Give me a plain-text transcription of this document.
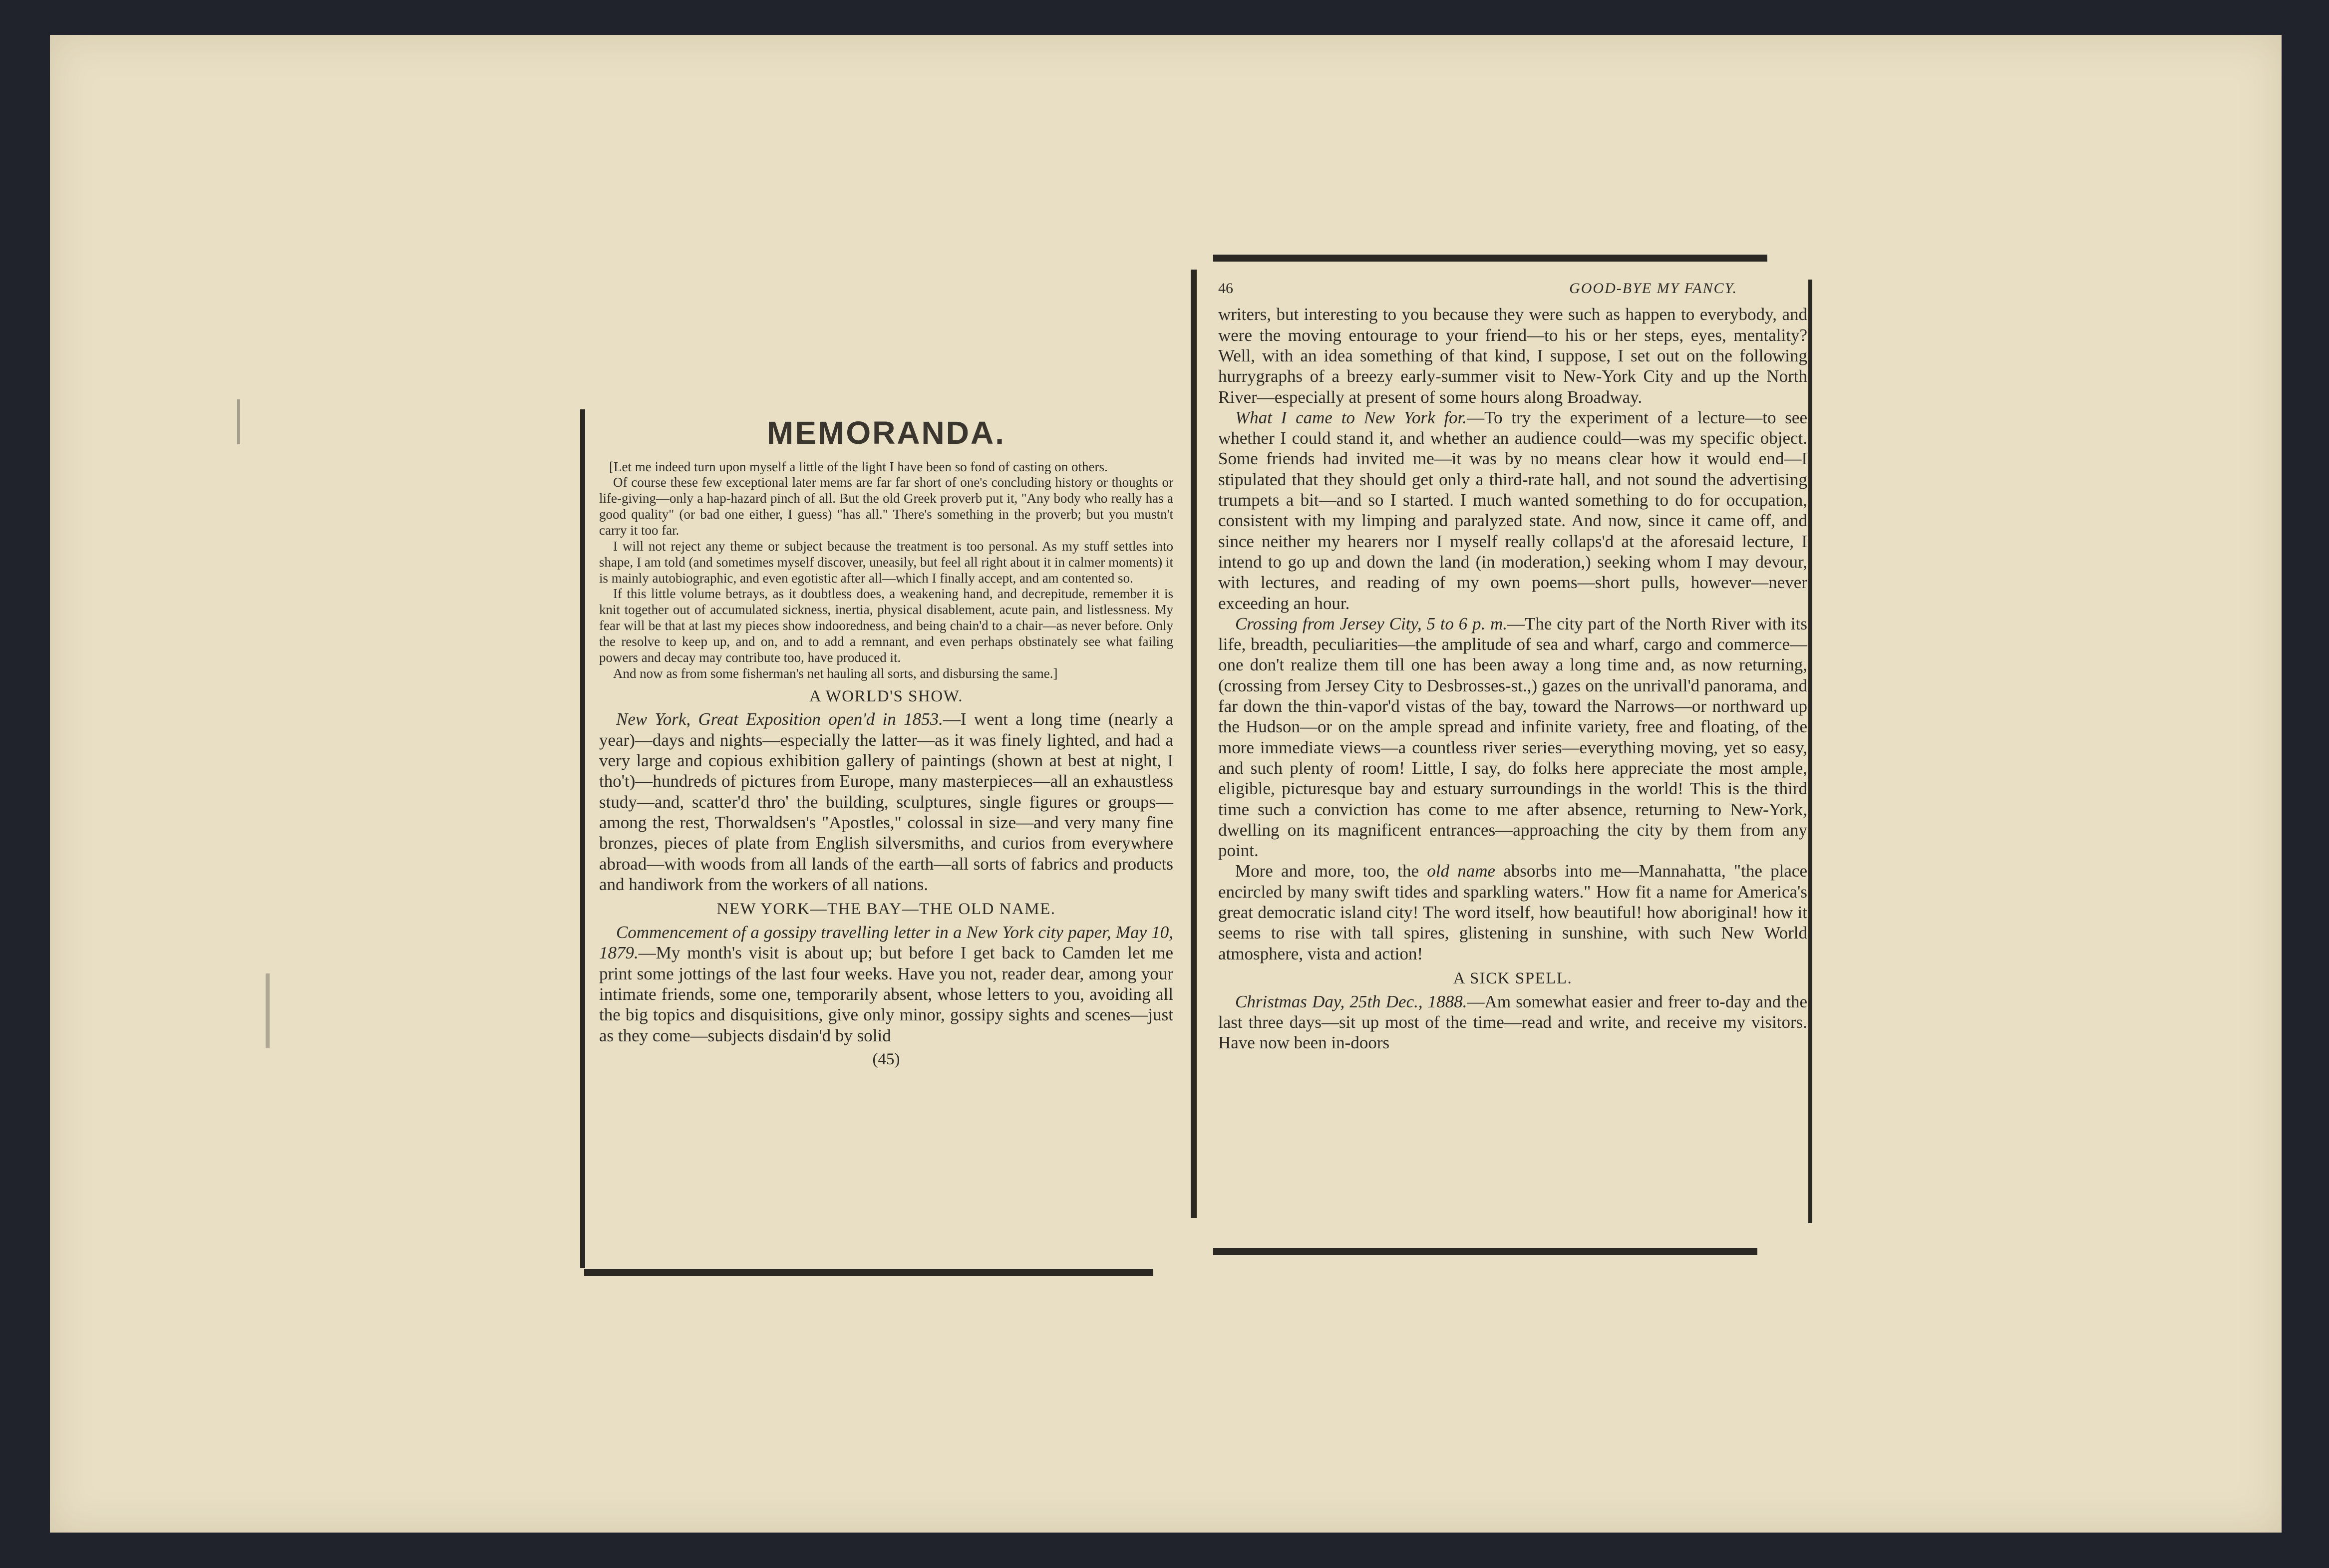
MEMORANDA.

[Let me indeed turn upon myself a little of the light I have been so fond of casting on others.

Of course these few exceptional later mems are far far short of one's concluding history or thoughts or life-giving—only a hap-hazard pinch of all. But the old Greek proverb put it, "Any body who really has a good quality" (or bad one either, I guess) "has all." There's something in the proverb; but you mustn't carry it too far.

I will not reject any theme or subject because the treatment is too personal. As my stuff settles into shape, I am told (and sometimes myself discover, uneasily, but feel all right about it in calmer moments) it is mainly autobiographic, and even egotistic after all—which I finally accept, and am contented so.

If this little volume betrays, as it doubtless does, a weakening hand, and decrepitude, remember it is knit together out of accumulated sickness, inertia, physical disablement, acute pain, and listlessness. My fear will be that at last my pieces show indooredness, and being chain'd to a chair—as never before. Only the resolve to keep up, and on, and to add a remnant, and even perhaps obstinately see what failing powers and decay may contribute too, have produced it.

And now as from some fisherman's net hauling all sorts, and disbursing the same.]

A WORLD'S SHOW.

New York, Great Exposition open'd in 1853.—I went a long time (nearly a year)—days and nights—especially the latter—as it was finely lighted, and had a very large and copious exhibition gallery of paintings (shown at best at night, I tho't)—hundreds of pictures from Europe, many masterpieces—all an exhaustless study—and, scatter'd thro' the building, sculptures, single figures or groups—among the rest, Thorwaldsen's "Apostles," colossal in size—and very many fine bronzes, pieces of plate from English silversmiths, and curios from everywhere abroad—with woods from all lands of the earth—all sorts of fabrics and products and handiwork from the workers of all nations.

NEW YORK—THE BAY—THE OLD NAME.

Commencement of a gossipy travelling letter in a New York city paper, May 10, 1879.—My month's visit is about up; but before I get back to Camden let me print some jottings of the last four weeks. Have you not, reader dear, among your intimate friends, some one, temporarily absent, whose letters to you, avoiding all the big topics and disquisitions, give only minor, gossipy sights and scenes—just as they come—subjects disdain'd by solid

(45)
46	GOOD-BYE MY FANCY.

writers, but interesting to you because they were such as happen to everybody, and were the moving entourage to your friend—to his or her steps, eyes, mentality? Well, with an idea something of that kind, I suppose, I set out on the following hurrygraphs of a breezy early-summer visit to New-York City and up the North River—especially at present of some hours along Broadway.

What I came to New York for.—To try the experiment of a lecture—to see whether I could stand it, and whether an audience could—was my specific object. Some friends had invited me—it was by no means clear how it would end—I stipulated that they should get only a third-rate hall, and not sound the advertising trumpets a bit—and so I started. I much wanted something to do for occupation, consistent with my limping and paralyzed state. And now, since it came off, and since neither my hearers nor I myself really collaps'd at the aforesaid lecture, I intend to go up and down the land (in moderation,) seeking whom I may devour, with lectures, and reading of my own poems—short pulls, however—never exceeding an hour.

Crossing from Jersey City, 5 to 6 p. m.—The city part of the North River with its life, breadth, peculiarities—the amplitude of sea and wharf, cargo and commerce—one don't realize them till one has been away a long time and, as now returning, (crossing from Jersey City to Desbrosses-st.,) gazes on the unrivall'd panorama, and far down the thin-vapor'd vistas of the bay, toward the Narrows—or northward up the Hudson—or on the ample spread and infinite variety, free and floating, of the more immediate views—a countless river series—everything moving, yet so easy, and such plenty of room! Little, I say, do folks here appreciate the most ample, eligible, picturesque bay and estuary surroundings in the world! This is the third time such a conviction has come to me after absence, returning to New-York, dwelling on its magnificent entrances—approaching the city by them from any point.

More and more, too, the old name absorbs into me—Mannahatta, "the place encircled by many swift tides and sparkling waters." How fit a name for America's great democratic island city! The word itself, how beautiful! how aboriginal! how it seems to rise with tall spires, glistening in sunshine, with such New World atmosphere, vista and action!

A SICK SPELL.

Christmas Day, 25th Dec., 1888.—Am somewhat easier and freer to-day and the last three days—sit up most of the time—read and write, and receive my visitors. Have now been in-doors
